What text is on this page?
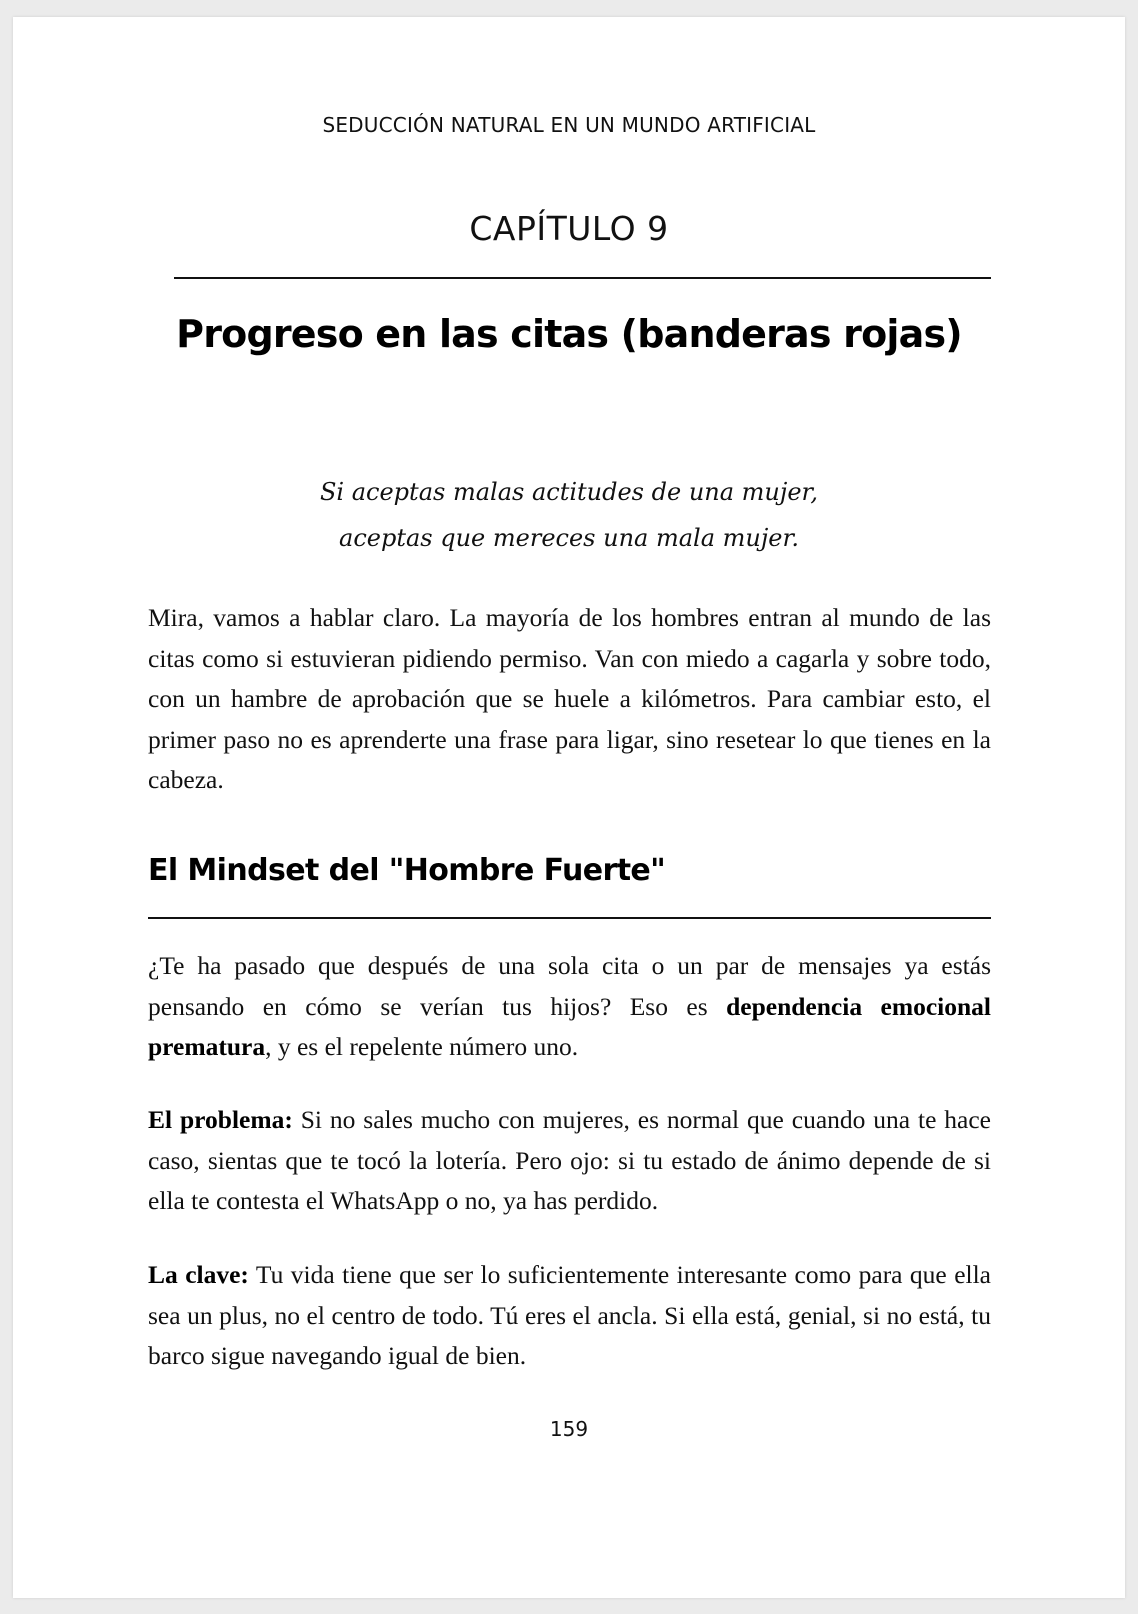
SEDUCCIÓN NATURAL EN UN MUNDO ARTIFICIAL
CAPÍTULO 9
Progreso en las citas (banderas rojas)
Si aceptas malas actitudes de una mujer,
aceptas que mereces una mala mujer.

Mira, vamos a hablar claro. La mayoría de los hombres entran al mundo de las citas como si estuvieran pidiendo permiso. Van con miedo a cagarla y sobre todo, con un hambre de aprobación que se huele a kilómetros. Para cambiar esto, el primer paso no es aprenderte una frase para ligar, sino resetear lo que tienes en la cabeza.

El Mindset del "Hombre Fuerte"

¿Te ha pasado que después de una sola cita o un par de mensajes ya estás pensando en cómo se verían tus hijos? Eso es dependencia emocional prematura, y es el repelente número uno.

El problema: Si no sales mucho con mujeres, es normal que cuando una te hace caso, sientas que te tocó la lotería. Pero ojo: si tu estado de ánimo depende de si ella te contesta el WhatsApp o no, ya has perdido.

La clave: Tu vida tiene que ser lo suficientemente interesante como para que ella sea un plus, no el centro de todo. Tú eres el ancla. Si ella está, genial, si no está, tu barco sigue navegando igual de bien.

159
